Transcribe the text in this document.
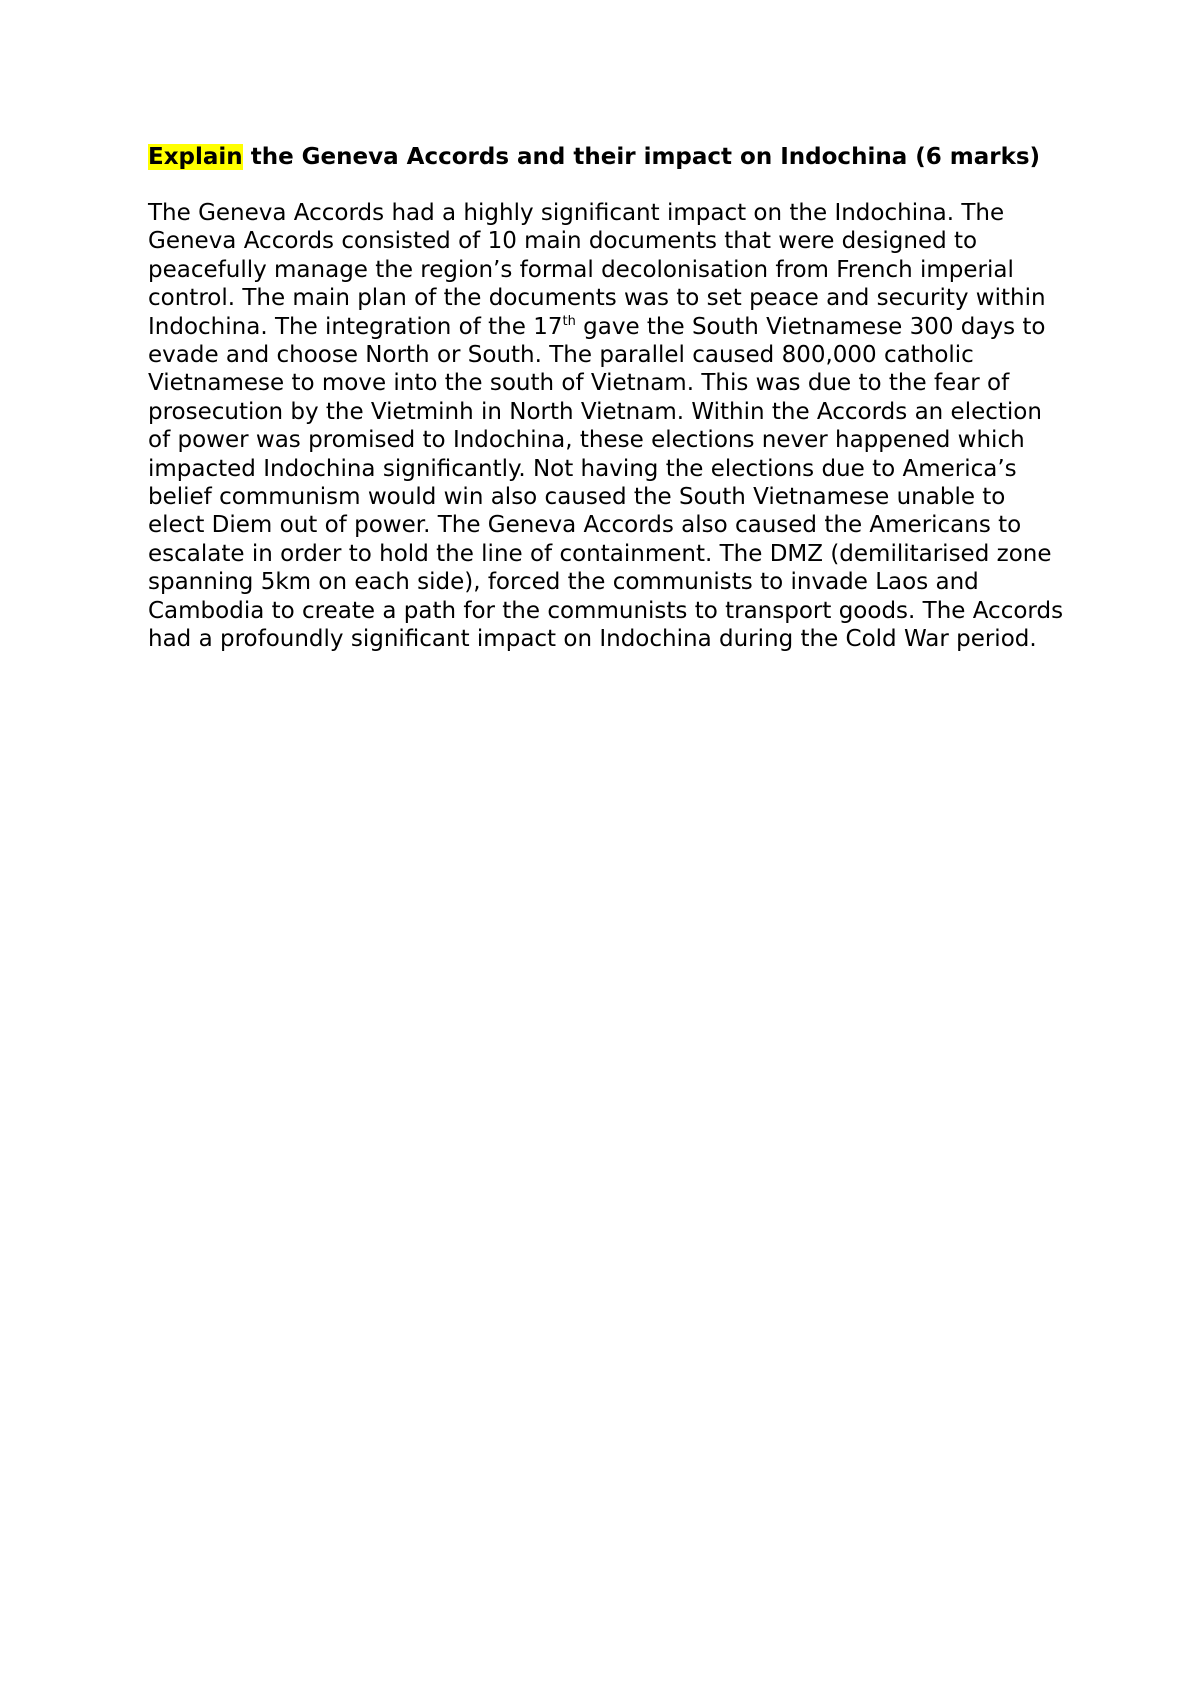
Explain the Geneva Accords and their impact on Indochina (6 marks)

The Geneva Accords had a highly significant impact on the Indochina. The Geneva Accords consisted of 10 main documents that were designed to peacefully manage the region’s formal decolonisation from French imperial control. The main plan of the documents was to set peace and security within Indochina. The integration of the 17th gave the South Vietnamese 300 days to evade and choose North or South. The parallel caused 800,000 catholic Vietnamese to move into the south of Vietnam. This was due to the fear of prosecution by the Vietminh in North Vietnam. Within the Accords an election of power was promised to Indochina, these elections never happened which impacted Indochina significantly. Not having the elections due to America’s belief communism would win also caused the South Vietnamese unable to elect Diem out of power. The Geneva Accords also caused the Americans to escalate in order to hold the line of containment. The DMZ (demilitarised zone spanning 5km on each side), forced the communists to invade Laos and Cambodia to create a path for the communists to transport goods. The Accords had a profoundly significant impact on Indochina during the Cold War period.
